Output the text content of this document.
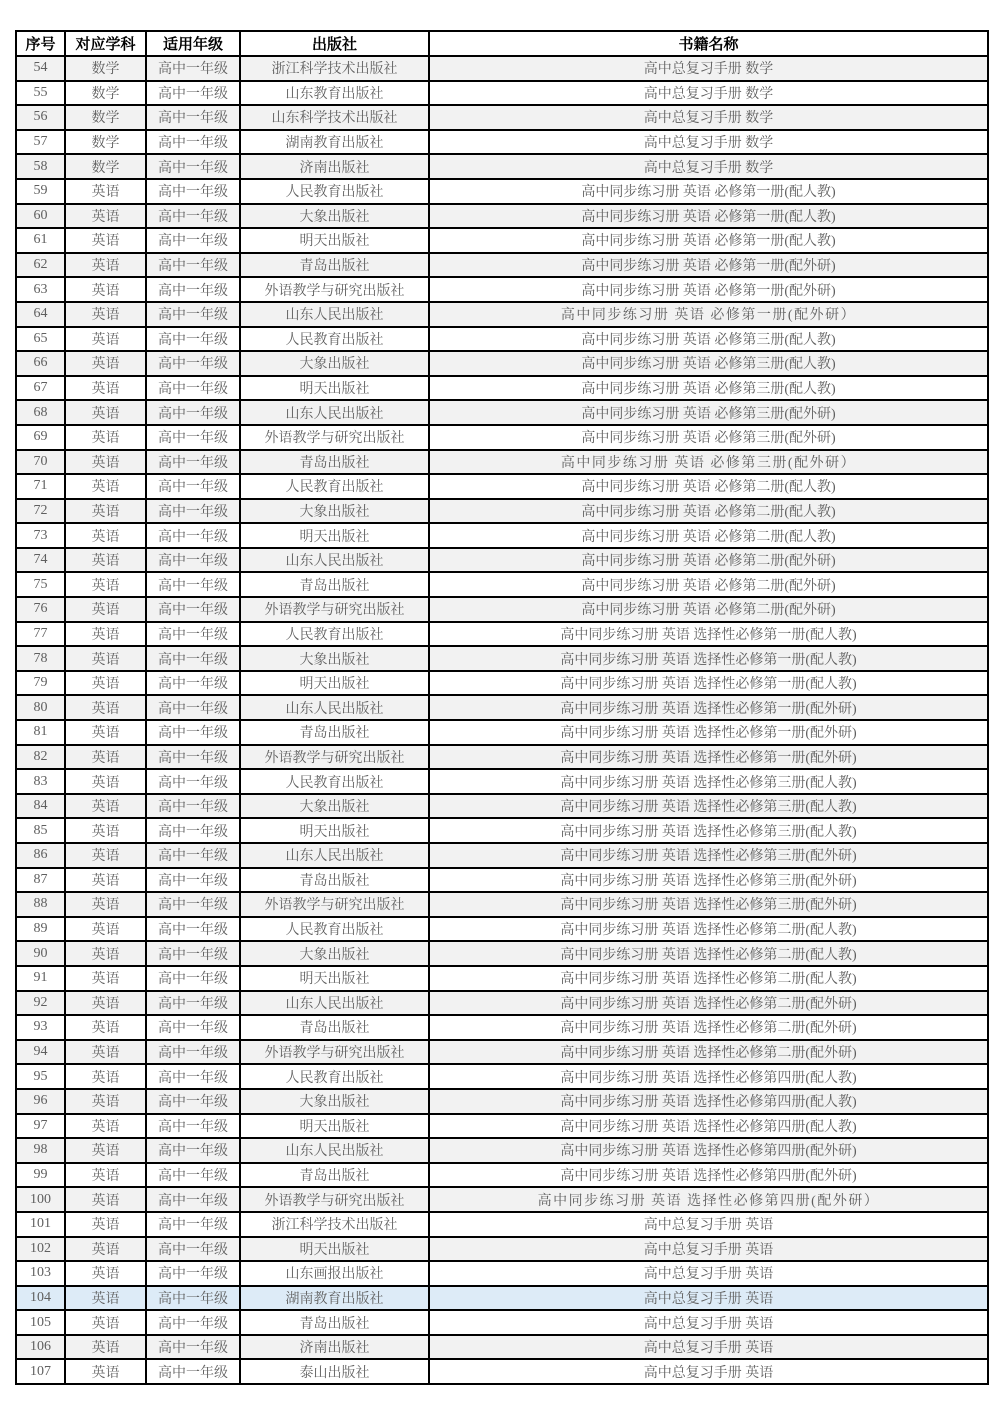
序号	对应学科	适用年级	出版社	书籍名称
54	数学	高中一年级	浙江科学技术出版社	高中总复习手册 数学
55	数学	高中一年级	山东教育出版社	高中总复习手册 数学
56	数学	高中一年级	山东科学技术出版社	高中总复习手册 数学
57	数学	高中一年级	湖南教育出版社	高中总复习手册 数学
58	数学	高中一年级	济南出版社	高中总复习手册 数学
59	英语	高中一年级	人民教育出版社	高中同步练习册 英语 必修第一册(配人教)
60	英语	高中一年级	大象出版社	高中同步练习册 英语 必修第一册(配人教)
61	英语	高中一年级	明天出版社	高中同步练习册 英语 必修第一册(配人教)
62	英语	高中一年级	青岛出版社	高中同步练习册 英语 必修第一册(配外研)
63	英语	高中一年级	外语教学与研究出版社	高中同步练习册 英语 必修第一册(配外研)
64	英语	高中一年级	山东人民出版社	高中同步练习册 英语 必修第一册(配外研）
65	英语	高中一年级	人民教育出版社	高中同步练习册 英语 必修第三册(配人教)
66	英语	高中一年级	大象出版社	高中同步练习册 英语 必修第三册(配人教)
67	英语	高中一年级	明天出版社	高中同步练习册 英语 必修第三册(配人教)
68	英语	高中一年级	山东人民出版社	高中同步练习册 英语 必修第三册(配外研)
69	英语	高中一年级	外语教学与研究出版社	高中同步练习册 英语 必修第三册(配外研)
70	英语	高中一年级	青岛出版社	高中同步练习册 英语 必修第三册(配外研）
71	英语	高中一年级	人民教育出版社	高中同步练习册 英语 必修第二册(配人教)
72	英语	高中一年级	大象出版社	高中同步练习册 英语 必修第二册(配人教)
73	英语	高中一年级	明天出版社	高中同步练习册 英语 必修第二册(配人教)
74	英语	高中一年级	山东人民出版社	高中同步练习册 英语 必修第二册(配外研)
75	英语	高中一年级	青岛出版社	高中同步练习册 英语 必修第二册(配外研)
76	英语	高中一年级	外语教学与研究出版社	高中同步练习册 英语 必修第二册(配外研)
77	英语	高中一年级	人民教育出版社	高中同步练习册 英语 选择性必修第一册(配人教)
78	英语	高中一年级	大象出版社	高中同步练习册 英语 选择性必修第一册(配人教)
79	英语	高中一年级	明天出版社	高中同步练习册 英语 选择性必修第一册(配人教)
80	英语	高中一年级	山东人民出版社	高中同步练习册 英语 选择性必修第一册(配外研)
81	英语	高中一年级	青岛出版社	高中同步练习册 英语 选择性必修第一册(配外研)
82	英语	高中一年级	外语教学与研究出版社	高中同步练习册 英语 选择性必修第一册(配外研)
83	英语	高中一年级	人民教育出版社	高中同步练习册 英语 选择性必修第三册(配人教)
84	英语	高中一年级	大象出版社	高中同步练习册 英语 选择性必修第三册(配人教)
85	英语	高中一年级	明天出版社	高中同步练习册 英语 选择性必修第三册(配人教)
86	英语	高中一年级	山东人民出版社	高中同步练习册 英语 选择性必修第三册(配外研)
87	英语	高中一年级	青岛出版社	高中同步练习册 英语 选择性必修第三册(配外研)
88	英语	高中一年级	外语教学与研究出版社	高中同步练习册 英语 选择性必修第三册(配外研)
89	英语	高中一年级	人民教育出版社	高中同步练习册 英语 选择性必修第二册(配人教)
90	英语	高中一年级	大象出版社	高中同步练习册 英语 选择性必修第二册(配人教)
91	英语	高中一年级	明天出版社	高中同步练习册 英语 选择性必修第二册(配人教)
92	英语	高中一年级	山东人民出版社	高中同步练习册 英语 选择性必修第二册(配外研)
93	英语	高中一年级	青岛出版社	高中同步练习册 英语 选择性必修第二册(配外研)
94	英语	高中一年级	外语教学与研究出版社	高中同步练习册 英语 选择性必修第二册(配外研)
95	英语	高中一年级	人民教育出版社	高中同步练习册 英语 选择性必修第四册(配人教)
96	英语	高中一年级	大象出版社	高中同步练习册 英语 选择性必修第四册(配人教)
97	英语	高中一年级	明天出版社	高中同步练习册 英语 选择性必修第四册(配人教)
98	英语	高中一年级	山东人民出版社	高中同步练习册 英语 选择性必修第四册(配外研)
99	英语	高中一年级	青岛出版社	高中同步练习册 英语 选择性必修第四册(配外研)
100	英语	高中一年级	外语教学与研究出版社	高中同步练习册 英语 选择性必修第四册(配外研）
101	英语	高中一年级	浙江科学技术出版社	高中总复习手册 英语
102	英语	高中一年级	明天出版社	高中总复习手册 英语
103	英语	高中一年级	山东画报出版社	高中总复习手册 英语
104	英语	高中一年级	湖南教育出版社	高中总复习手册 英语
105	英语	高中一年级	青岛出版社	高中总复习手册 英语
106	英语	高中一年级	济南出版社	高中总复习手册 英语
107	英语	高中一年级	泰山出版社	高中总复习手册 英语
